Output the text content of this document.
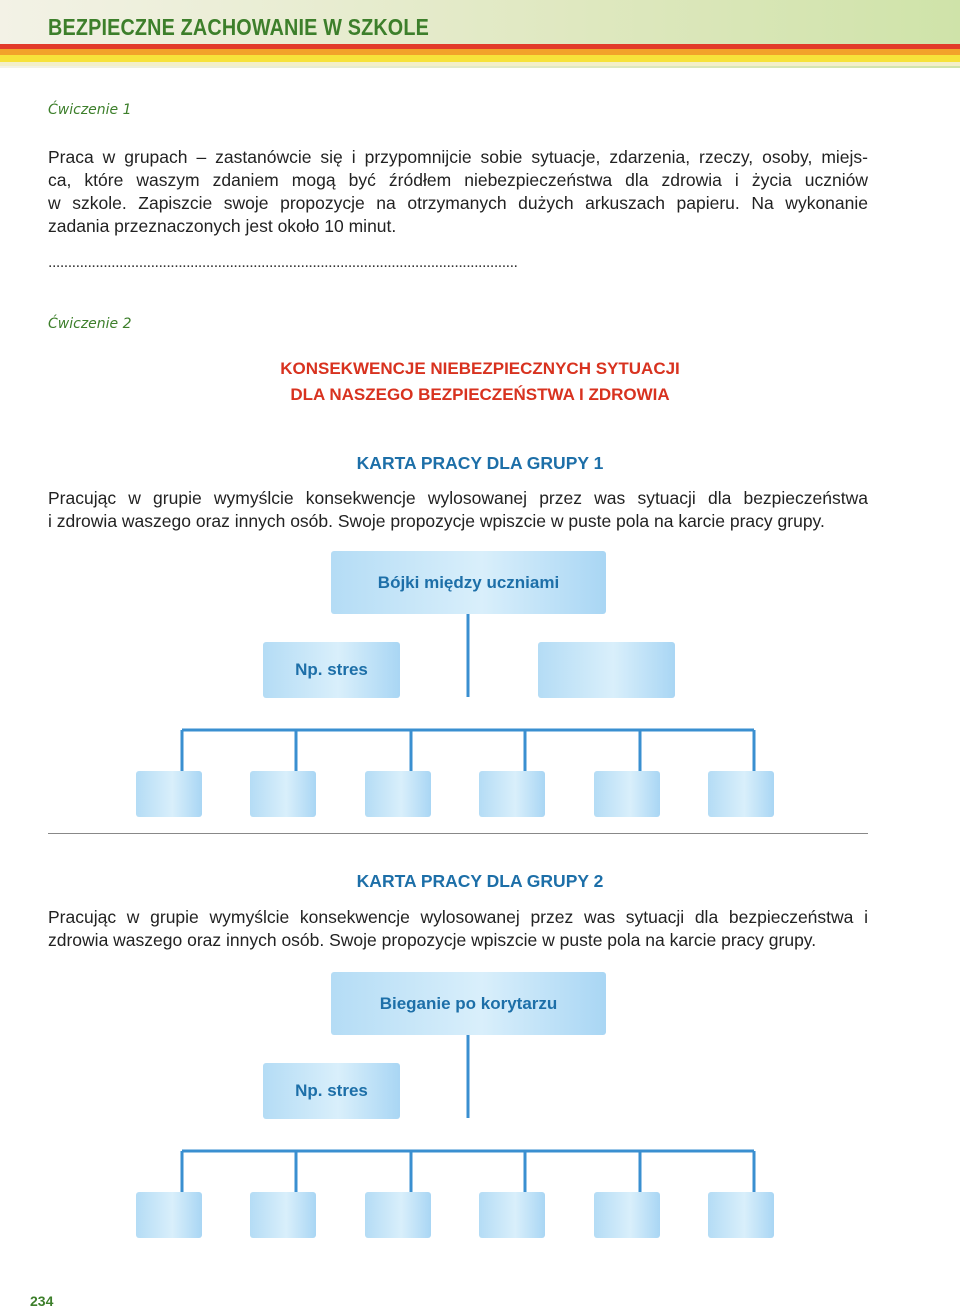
BEZPIECZNE ZACHOWANIE W SZKOLE
Ćwiczenie 1
Praca w grupach – zastanówcie się i przypomnijcie sobie sytuacje, zdarzenia, rzeczy, osoby, miejs-
ca, które waszym zdaniem mogą być źródłem niebezpieczeństwa dla zdrowia i życia uczniów
w szkole. Zapiszcie swoje propozycje na otrzymanych dużych arkuszach papieru. Na wykonanie
zadania przeznaczonych jest około 10 minut.
.......................................................................................................................
Ćwiczenie 2
KONSEKWENCJE NIEBEZPIECZNYCH SYTUACJI
DLA NASZEGO BEZPIECZEŃSTWA I ZDROWIA
KARTA PRACY DLA GRUPY 1
Pracując w grupie wymyślcie konsekwencje wylosowanej przez was sytuacji dla bezpieczeństwa
i zdrowia waszego oraz innych osób. Swoje propozycje wpiszcie w puste pola na karcie pracy grupy.
Bójki między uczniami
Np. stres
KARTA PRACY DLA GRUPY 2
Pracując w grupie wymyślcie konsekwencje wylosowanej przez was sytuacji dla bezpieczeństwa i
zdrowia waszego oraz innych osób. Swoje propozycje wpiszcie w puste pola na karcie pracy grupy.
Bieganie po korytarzu
Np. stres
234
